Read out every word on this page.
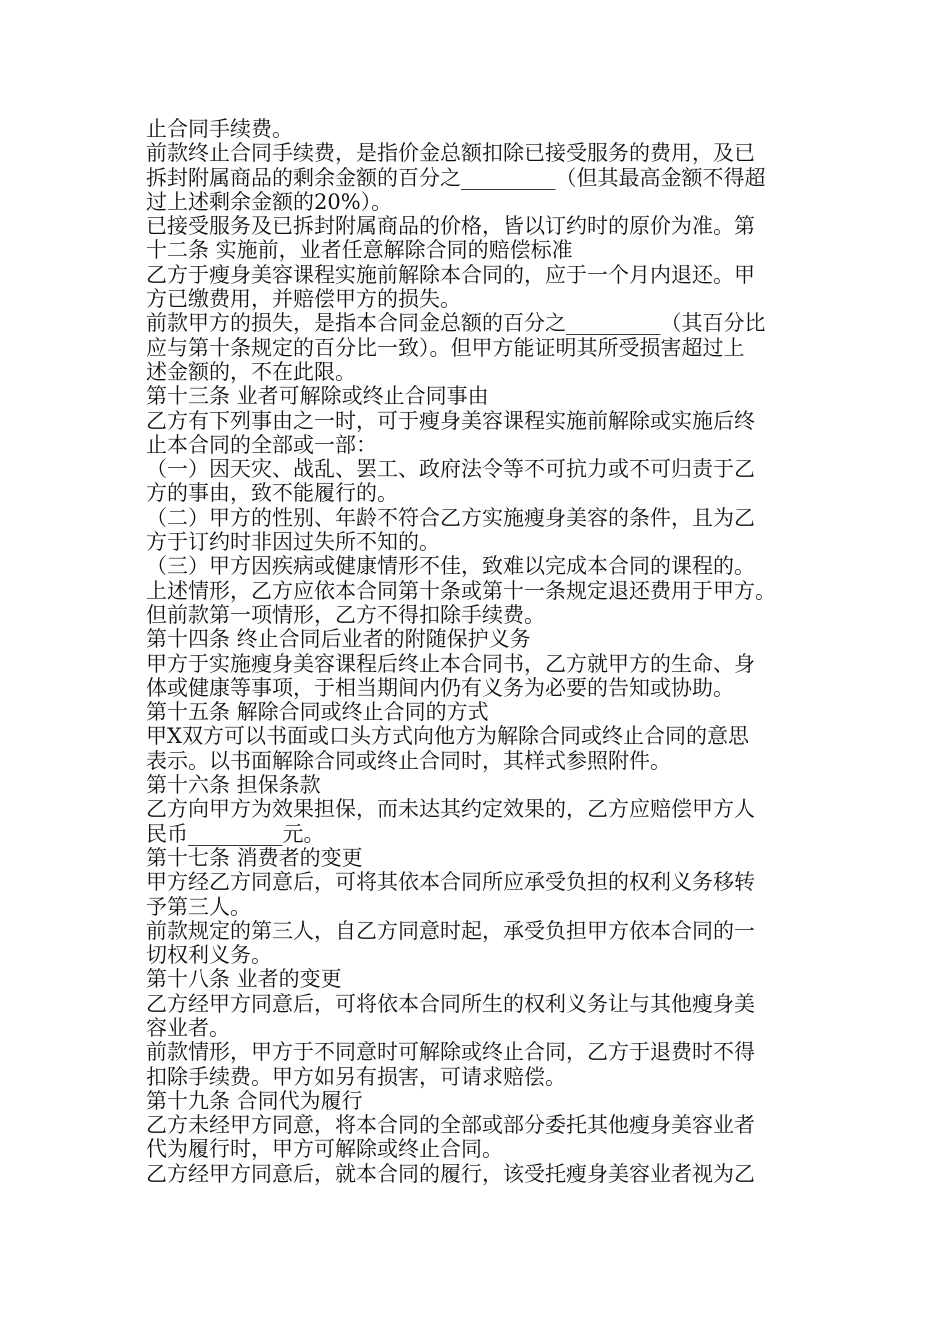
止合同手续费。
前款终止合同手续费，是指价金总额扣除已接受服务的费用，及已
拆封附属商品的剩余金额的百分之_________（但其最高金额不得超
过上述剩余金额的20%）。
已接受服务及已拆封附属商品的价格，皆以订约时的原价为准。第
十二条 实施前，业者任意解除合同的赔偿标准
乙方于瘦身美容课程实施前解除本合同的，应于一个月内退还。甲
方已缴费用，并赔偿甲方的损失。
前款甲方的损失，是指本合同金总额的百分之_________（其百分比
应与第十条规定的百分比一致）。但甲方能证明其所受损害超过上
述金额的，不在此限。
第十三条 业者可解除或终止合同事由
乙方有下列事由之一时，可于瘦身美容课程实施前解除或实施后终
止本合同的全部或一部：
（一）因天灾、战乱、罢工、政府法令等不可抗力或不可归责于乙
方的事由，致不能履行的。
（二）甲方的性别、年龄不符合乙方实施瘦身美容的条件，且为乙
方于订约时非因过失所不知的。
（三）甲方因疾病或健康情形不佳，致难以完成本合同的课程的。
上述情形，乙方应依本合同第十条或第十一条规定退还费用于甲方。
但前款第一项情形，乙方不得扣除手续费。
第十四条 终止合同后业者的附随保护义务
甲方于实施瘦身美容课程后终止本合同书，乙方就甲方的生命、身
体或健康等事项，于相当期间内仍有义务为必要的告知或协助。
第十五条 解除合同或终止合同的方式
甲X双方可以书面或口头方式向他方为解除合同或终止合同的意思
表示。以书面解除合同或终止合同时，其样式参照附件。
第十六条 担保条款
乙方向甲方为效果担保，而未达其约定效果的，乙方应赔偿甲方人
民币_________元。
第十七条 消费者的变更
甲方经乙方同意后，可将其依本合同所应承受负担的权利义务移转
予第三人。
前款规定的第三人，自乙方同意时起，承受负担甲方依本合同的一
切权利义务。
第十八条 业者的变更
乙方经甲方同意后，可将依本合同所生的权利义务让与其他瘦身美
容业者。
前款情形，甲方于不同意时可解除或终止合同，乙方于退费时不得
扣除手续费。甲方如另有损害，可请求赔偿。
第十九条 合同代为履行
乙方未经甲方同意，将本合同的全部或部分委托其他瘦身美容业者
代为履行时，甲方可解除或终止合同。
乙方经甲方同意后，就本合同的履行，该受托瘦身美容业者视为乙
